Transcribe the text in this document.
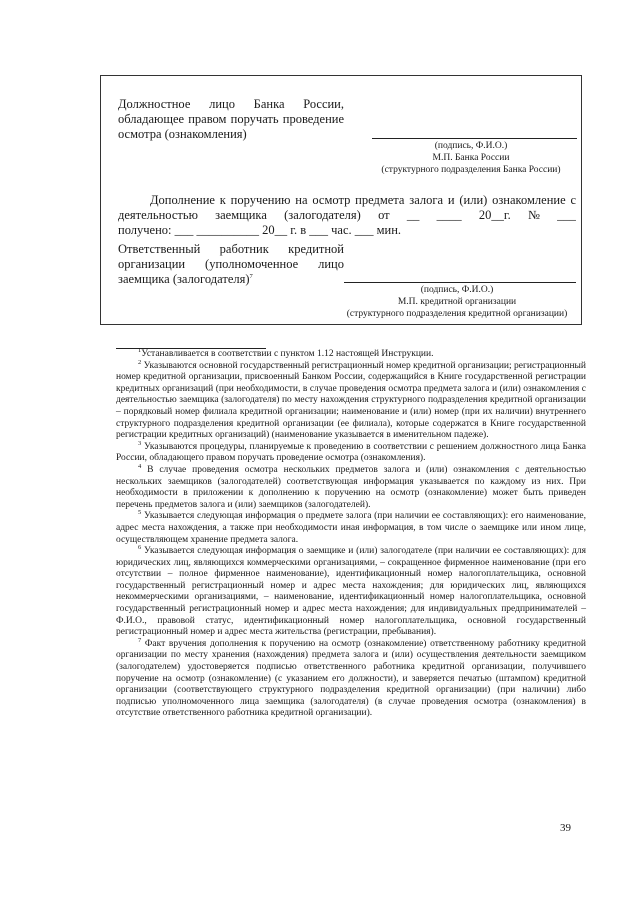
Должностное лицо Банка России,
обладающее правом поручать проведение
осмотра (ознакомления)
(подпись, Ф.И.О.)
М.П. Банка России
(структурного подразделения Банка России)
Дополнение к поручению на осмотр предмета залога и (или) ознакомление с
деятельностью заемщика (залогодателя) от __ ____ 20__г. № ___
получено: ___ __________ 20__ г. в ___ час. ___ мин.
Ответственный работник кредитной
организации (уполномоченное лицо
заемщика (залогодателя)$^7$
(подпись, Ф.И.О.)
М.П. кредитной организации
(структурного подразделения кредитной организации)

$^1$Устанавливается в соответствии с пунктом 1.12 настоящей Инструкции.

$^2$ Указываются основной государственный регистрационный номер кредитной организации; регистрационный номер кредитной организации, присвоенный Банком России, содержащийся в Книге государственной регистрации кредитных организаций (при необходимости, в случае проведения осмотра предмета залога и (или) ознакомления с деятельностью заемщика (залогодателя) по месту нахождения структурного подразделения кредитной организации – порядковый номер филиала кредитной организации; наименование и (или) номер (при их наличии) внутреннего структурного подразделения кредитной организации (ее филиала), которые содержатся в Книге государственной регистрации кредитных организаций) (наименование указывается в именительном падеже).

$^3$ Указываются процедуры, планируемые к проведению в соответствии с решением должностного лица Банка России, обладающего правом поручать проведение осмотра (ознакомления).

$^4$ В случае проведения осмотра нескольких предметов залога и (или) ознакомления с деятельностью нескольких заемщиков (залогодателей) соответствующая информация указывается по каждому из них. При необходимости в приложении к дополнению к поручению на осмотр (ознакомление) может быть приведен перечень предметов залога и (или) заемщиков (залогодателей).

$^5$ Указывается следующая информация о предмете залога (при наличии ее составляющих): его наименование, адрес места нахождения, а также при необходимости иная информация, в том числе о заемщике или ином лице, осуществляющем хранение предмета залога.

$^6$ Указывается следующая информация о заемщике и (или) залогодателе (при наличии ее составляющих): для юридических лиц, являющихся коммерческими организациями, – сокращенное фирменное наименование (при его отсутствии – полное фирменное наименование), идентификационный номер налогоплательщика, основной государственный регистрационный номер и адрес места нахождения; для юридических лиц, являющихся некоммерческими организациями, – наименование, идентификационный номер налогоплательщика, основной государственный регистрационный номер и адрес места нахождения; для индивидуальных предпринимателей – Ф.И.О., правовой статус, идентификационный номер налогоплательщика, основной государственный регистрационный номер и адрес места жительства (регистрации, пребывания).

$^7$ Факт вручения дополнения к поручению на осмотр (ознакомление) ответственному работнику кредитной организации по месту хранения (нахождения) предмета залога и (или) осуществления деятельности заемщиком (залогодателем) удостоверяется подписью ответственного работника кредитной организации, получившего поручение на осмотр (ознакомление) (с указанием его должности), и заверяется печатью (штампом) кредитной организации (соответствующего структурного подразделения кредитной организации) (при наличии) либо подписью уполномоченного лица заемщика (залогодателя) (в случае проведения осмотра (ознакомления) в отсутствие ответственного работника кредитной организации).

39
